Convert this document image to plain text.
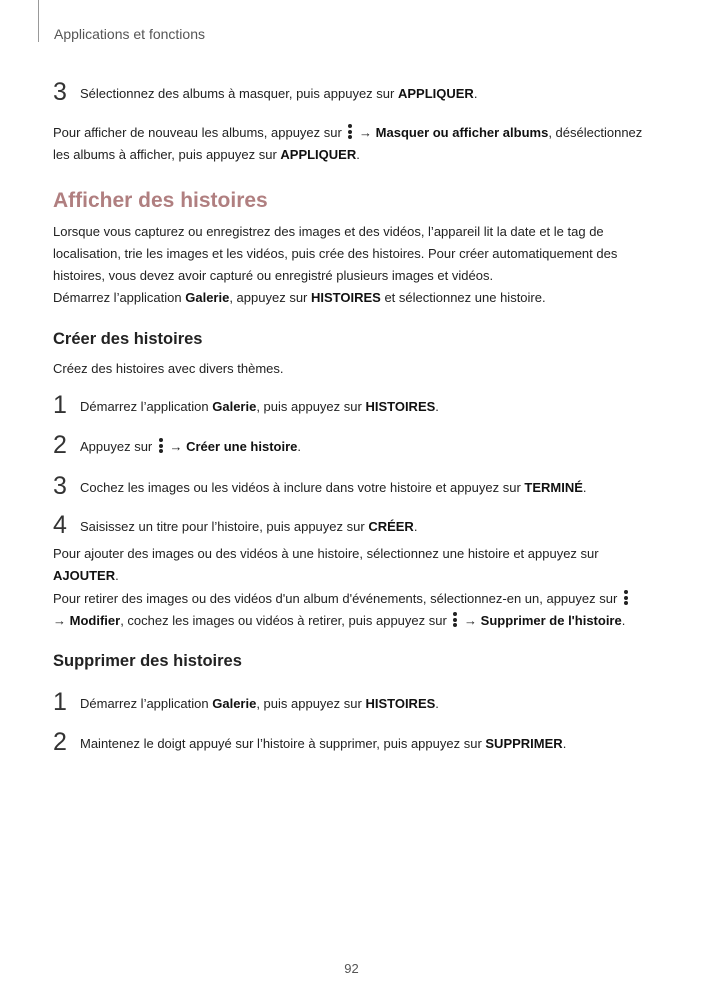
Applications et fonctions
3 Sélectionnez des albums à masquer, puis appuyez sur APPLIQUER.
Pour afficher de nouveau les albums, appuyez sur
→ Masquer ou afficher albums, désélectionnez les albums à afficher, puis appuyez sur APPLIQUER.
Afficher des histoires
Lorsque vous capturez ou enregistrez des images et des vidéos, l’appareil lit la date et le tag de localisation, trie les images et les vidéos, puis crée des histoires. Pour créer automatiquement des histoires, vous devez avoir capturé ou enregistré plusieurs images et vidéos.
Démarrez l’application Galerie, appuyez sur HISTOIRES et sélectionnez une histoire.
Créer des histoires
Créez des histoires avec divers thèmes.
1 Démarrez l’application Galerie, puis appuyez sur HISTOIRES.
2 Appuyez sur
→ Créer une histoire.
3 Cochez les images ou les vidéos à inclure dans votre histoire et appuyez sur TERMINÉ.
4 Saisissez un titre pour l’histoire, puis appuyez sur CRÉER.
Pour ajouter des images ou des vidéos à une histoire, sélectionnez une histoire et appuyez sur AJOUTER.
Pour retirer des images ou des vidéos d'un album d'événements, sélectionnez-en un, appuyez sur

→ Modifier, cochez les images ou vidéos à retirer, puis appuyez sur
→ Supprimer de l'histoire.
Supprimer des histoires
1 Démarrez l’application Galerie, puis appuyez sur HISTOIRES.
2 Maintenez le doigt appuyé sur l’histoire à supprimer, puis appuyez sur SUPPRIMER.
92
